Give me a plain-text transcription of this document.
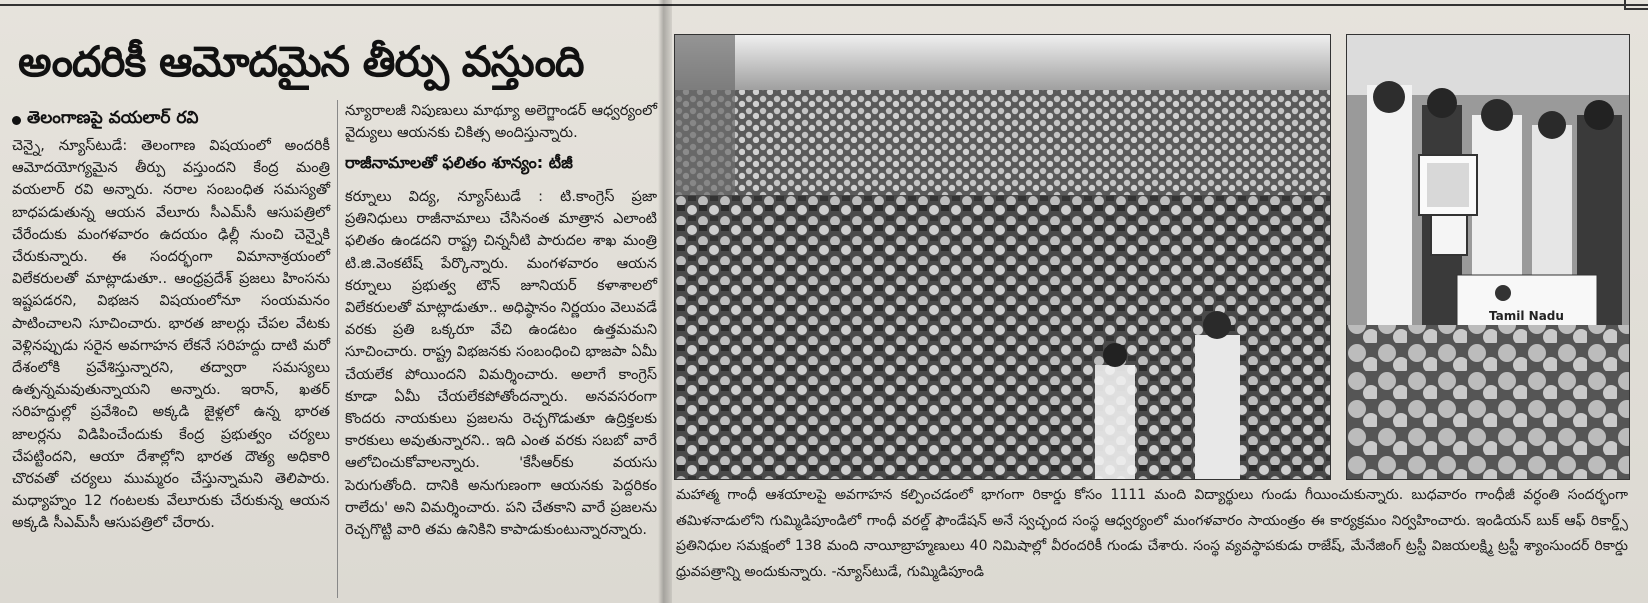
అందరికీ ఆమోదమైన తీర్పు వస్తుంది
తెలంగాణపై వయలార్ రవి

చెన్నై, న్యూస్‌టుడే: తెలంగాణ విషయంలో అందరికీ ఆమోదయోగ్యమైన తీర్పు వస్తుందని కేంద్ర మంత్రి వయలార్ రవి అన్నారు. నరాల సంబంధిత సమస్యతో బాధపడుతున్న ఆయన వేలూరు సీఎమ్‌సీ ఆసుపత్రిలో చేరేందుకు మంగళవారం ఉదయం ఢిల్లీ నుంచి చెన్నైకి చేరుకున్నారు. ఈ సందర్భంగా విమానాశ్రయంలో విలేకరులతో మాట్లాడుతూ.. ఆంధ్రప్రదేశ్ ప్రజలు హింసను ఇష్టపడరని, విభజన విషయంలోనూ సంయమనం పాటించాలని సూచించారు. భారత జాలర్లు చేపల వేటకు వెళ్లినప్పుడు సరైన అవగాహన లేకనే సరిహద్దు దాటి మరో దేశంలోకి ప్రవేశిస్తున్నారని, తద్వారా సమస్యలు ఉత్పన్నమవుతున్నాయని అన్నారు. ఇరాన్, ఖతర్ సరిహద్దుల్లో ప్రవేశించి అక్కడి జైళ్లలో ఉన్న భారత జాలర్లను విడిపించేందుకు కేంద్ర ప్రభుత్వం చర్యలు చేపట్టిందని, ఆయా దేశాల్లోని భారత దౌత్య అధికారి చొరవతో చర్యలు ముమ్మరం చేస్తున్నామని తెలిపారు. మధ్యాహ్నం 12 గంటలకు వేలూరుకు చేరుకున్న ఆయన అక్కడి సీఎమ్‌సీ ఆసుపత్రిలో చేరారు.

న్యూరాలజీ నిపుణులు మాథ్యూ అలెగ్జాండర్ ఆధ్వర్యంలో వైద్యులు ఆయనకు చికిత్స అందిస్తున్నారు.

రాజీనామాలతో ఫలితం శూన్యం: టీజీ

కర్నూలు విద్య, న్యూస్‌టుడే : టి.కాంగ్రెస్ ప్రజా ప్రతినిధులు రాజీనామాలు చేసినంత మాత్రాన ఎలాంటి ఫలితం ఉండదని రాష్ట్ర చిన్ననీటి పారుదల శాఖ మంత్రి టి.జి.వెంకటేష్ పేర్కొన్నారు. మంగళవారం ఆయన కర్నూలు ప్రభుత్వ టౌన్ జూనియర్ కళాశాలలో విలేకరులతో మాట్లాడుతూ.. అధిష్ఠానం నిర్ణయం వెలువడే వరకు ప్రతి ఒక్కరూ వేచి ఉండటం ఉత్తమమని సూచించారు. రాష్ట్ర విభజనకు సంబంధించి భాజపా ఏమీ చేయలేక పోయిందని విమర్శించారు. అలాగే కాంగ్రెస్ కూడా ఏమీ చేయలేకపోతోందన్నారు. అనవసరంగా కొందరు నాయకులు ప్రజలను రెచ్చగొడుతూ ఉద్రిక్తలకు కారకులు అవుతున్నారని.. ఇది ఎంత వరకు సబబో వారే ఆలోచించుకోవాలన్నారు. 'కేసీఆర్‌కు వయసు పెరుగుతోంది. దానికి అనుగుణంగా ఆయనకు పెద్దరికం రాలేదు' అని విమర్శించారు. పని చేతకాని వారే ప్రజలను రెచ్చగొట్టి వారి తమ ఉనికిని కాపాడుకుంటున్నారన్నారు.

Tamil Nadu

మహాత్మ గాంధీ ఆశయాలపై అవగాహన కల్పించడంలో భాగంగా రికార్డు కోసం 1111 మంది విద్యార్థులు గుండు గీయించుకున్నారు. బుధవారం గాంధీజీ వర్ధంతి సందర్భంగా తమిళనాడులోని గుమ్మిడిపూండిలో గాంధీ వరల్డ్ ఫౌండేషన్ అనే స్వచ్ఛంద సంస్థ ఆధ్వర్యంలో మంగళవారం సాయంత్రం ఈ కార్యక్రమం నిర్వహించారు. ఇండియన్ బుక్ ఆఫ్ రికార్డ్స్ ప్రతినిధుల సమక్షంలో 138 మంది నాయీబ్రాహ్మణులు 40 నిమిషాల్లో వీరందరికీ గుండు చేశారు. సంస్థ వ్యవస్థాపకుడు రాజేష్, మేనేజింగ్ ట్రస్టీ విజయలక్ష్మి ట్రస్టీ శ్యాంసుందర్ రికార్డు ధ్రువపత్రాన్ని అందుకున్నారు. -న్యూస్‌టుడే, గుమ్మిడిపూండి
